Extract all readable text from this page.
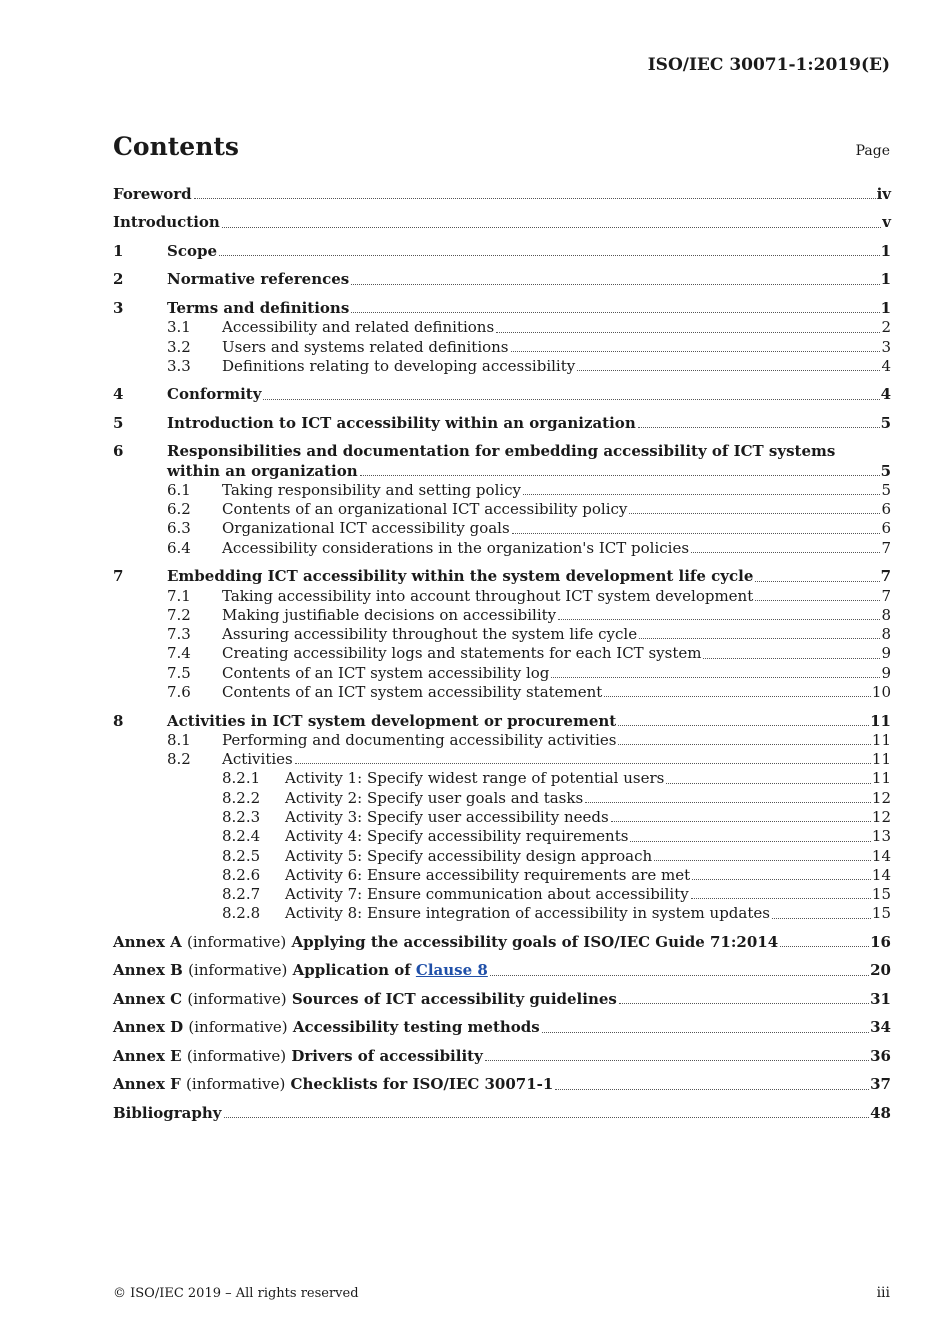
ISO/IEC 30071-1:2019(E)
Contents	Page
Foreword	iv
Introduction	v
1	Scope	1
2	Normative references	1
3	Terms and definitions	1
3.1	Accessibility and related definitions	2
3.2	Users and systems related definitions	3
3.3	Definitions relating to developing accessibility	4
4	Conformity	4
5	Introduction to ICT accessibility within an organization	5
6	Responsibilities and documentation for embedding accessibility of ICT systems
within an organization	5
6.1	Taking responsibility and setting policy	5
6.2	Contents of an organizational ICT accessibility policy	6
6.3	Organizational ICT accessibility goals	6
6.4	Accessibility considerations in the organization's ICT policies	7
7	Embedding ICT accessibility within the system development life cycle	7
7.1	Taking accessibility into account throughout ICT system development	7
7.2	Making justifiable decisions on accessibility	8
7.3	Assuring accessibility throughout the system life cycle	8
7.4	Creating accessibility logs and statements for each ICT system	9
7.5	Contents of an ICT system accessibility log	9
7.6	Contents of an ICT system accessibility statement	10
8	Activities in ICT system development or procurement	11
8.1	Performing and documenting accessibility activities	11
8.2	Activities	11
8.2.1	Activity 1: Specify widest range of potential users	11
8.2.2	Activity 2: Specify user goals and tasks	12
8.2.3	Activity 3: Specify user accessibility needs	12
8.2.4	Activity 4: Specify accessibility requirements	13
8.2.5	Activity 5: Specify accessibility design approach	14
8.2.6	Activity 6: Ensure accessibility requirements are met	14
8.2.7	Activity 7: Ensure communication about accessibility	15
8.2.8	Activity 8: Ensure integration of accessibility in system updates	15
Annex A (informative) Applying the accessibility goals of ISO/IEC Guide 71:2014	16
Annex B (informative) Application of Clause 8	20
Annex C (informative) Sources of ICT accessibility guidelines	31
Annex D (informative) Accessibility testing methods	34
Annex E (informative) Drivers of accessibility	36
Annex F (informative) Checklists for ISO/IEC 30071-1	37
Bibliography	48
© ISO/IEC 2019 – All rights reserved	iii
